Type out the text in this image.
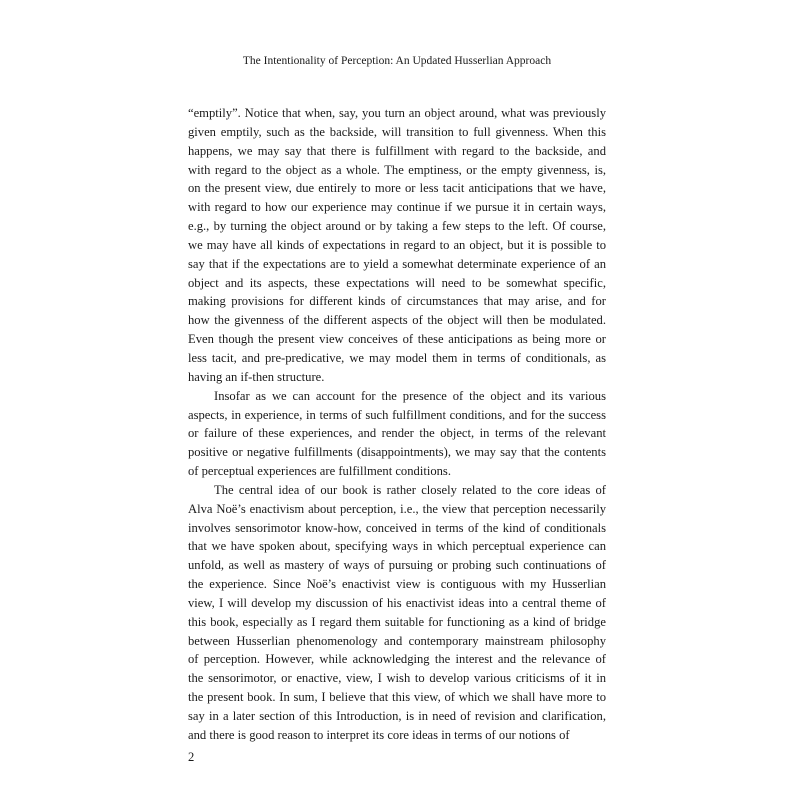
The Intentionality of Perception: An Updated Husserlian Approach
“emptily”. Notice that when, say, you turn an object around, what was previously
given emptily, such as the backside, will transition to full givenness. When this
happens, we may say that there is fulfillment with regard to the backside, and
with regard to the object as a whole. The emptiness, or the empty givenness, is,
on the present view, due entirely to more or less tacit anticipations that we have,
with regard to how our experience may continue if we pursue it in certain ways,
e.g., by turning the object around or by taking a few steps to the left. Of course,
we may have all kinds of expectations in regard to an object, but it is possible to
say that if the expectations are to yield a somewhat determinate experience of an
object and its aspects, these expectations will need to be somewhat specific,
making provisions for different kinds of circumstances that may arise, and for
how the givenness of the different aspects of the object will then be modulated.
Even though the present view conceives of these anticipations as being more or
less tacit, and pre‐predicative, we may model them in terms of conditionals, as
having an if-then structure.
Insofar as we can account for the presence of the object and its various
aspects, in experience, in terms of such fulfillment conditions, and for the success
or failure of these experiences, and render the object, in terms of the relevant
positive or negative fulfillments (disappointments), we may say that the contents
of perceptual experiences are fulfillment conditions.
The central idea of our book is rather closely related to the core ideas of
Alva Noë’s enactivism about perception, i.e., the view that perception necessarily
involves sensorimotor know‐how, conceived in terms of the kind of conditionals
that we have spoken about, specifying ways in which perceptual experience can
unfold, as well as mastery of ways of pursuing or probing such continuations of
the experience. Since Noë’s enactivist view is contiguous with my Husserlian
view, I will develop my discussion of his enactivist ideas into a central theme of
this book, especially as I regard them suitable for functioning as a kind of bridge
between Husserlian phenomenology and contemporary mainstream philosophy
of perception. However, while acknowledging the interest and the relevance of
the sensorimotor, or enactive, view, I wish to develop various criticisms of it in
the present book. In sum, I believe that this view, of which we shall have more to
say in a later section of this Introduction, is in need of revision and clarification,
and there is good reason to interpret its core ideas in terms of our notions of
2
